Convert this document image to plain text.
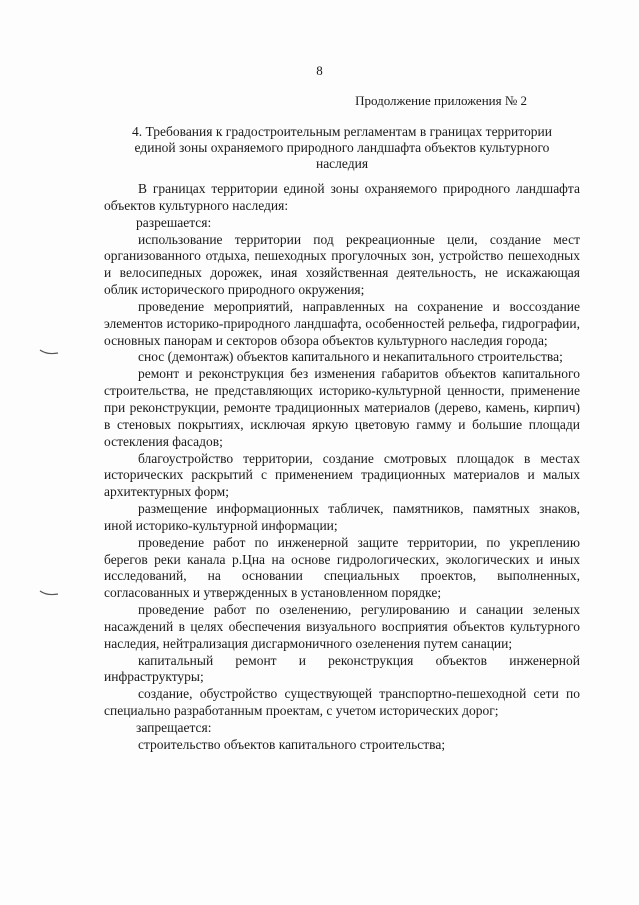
8
Продолжение приложения № 2
4. Требования к градостроительным регламентам в границах территории единой зоны охраняемого природного ландшафта объектов культурного наследия

В границах территории единой зоны охраняемого природного ландшафта объектов культурного наследия:

разрешается:

использование территории под рекреационные цели, создание мест организованного отдыха, пешеходных прогулочных зон, устройство пешеходных и велосипедных дорожек, иная хозяйственная деятельность, не искажающая облик исторического природного окружения;

проведение мероприятий, направленных на сохранение и воссоздание элементов историко-природного ландшафта, особенностей рельефа, гидрографии, основных панорам и секторов обзора объектов культурного наследия города;

снос (демонтаж) объектов капитального и некапитального строительства;

ремонт и реконструкция без изменения габаритов объектов капитального строительства, не представляющих историко-культурной ценности, применение при реконструкции, ремонте традиционных материалов (дерево, камень, кирпич) в стеновых покрытиях, исключая яркую цветовую гамму и большие площади остекления фасадов;

благоустройство территории, создание смотровых площадок в местах исторических раскрытий с применением традиционных материалов и малых архитектурных форм;

размещение информационных табличек, памятников, памятных знаков, иной историко-культурной информации;

проведение работ по инженерной защите территории, по укреплению берегов реки канала р.Цна на основе гидрологических, экологических и иных исследований, на основании специальных проектов, выполненных, согласованных и утвержденных в установленном порядке;

проведение работ по озеленению, регулированию и санации зеленых насаждений в целях обеспечения визуального восприятия объектов культурного наследия, нейтрализация дисгармоничного озеленения путем санации;

капитальный ремонт и реконструкция объектов инженерной инфраструктуры;

создание, обустройство существующей транспортно-пешеходной сети по специально разработанным проектам, с учетом исторических дорог;

запрещается:

строительство объектов капитального строительства;
